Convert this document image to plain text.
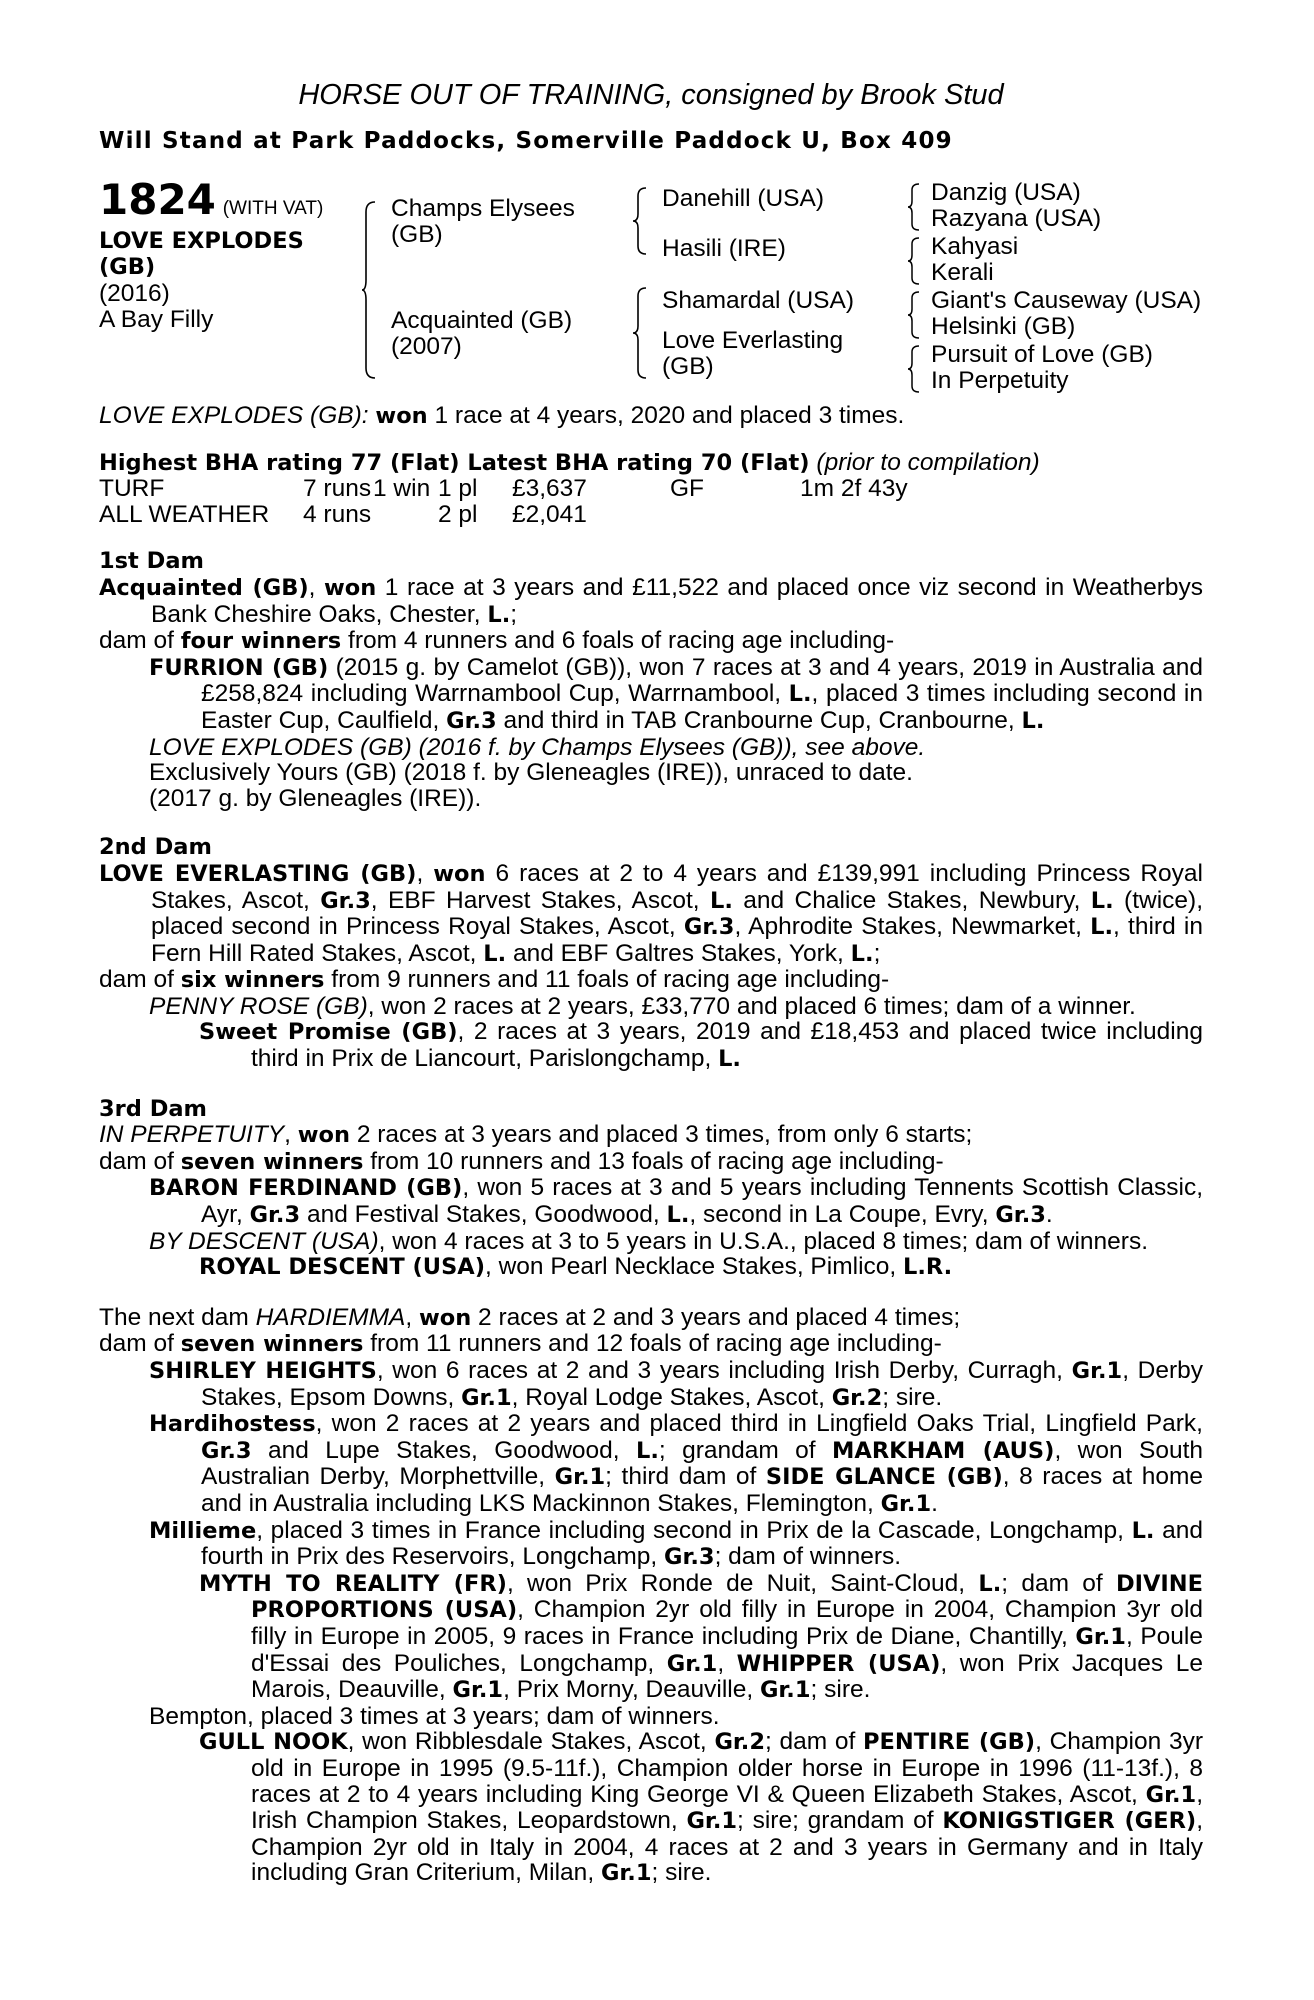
HORSE OUT OF TRAINING, consigned by Brook Stud
Will Stand at Park Paddocks, Somerville Paddock U, Box 409
1824 (WITH VAT)
LOVE EXPLODES
(GB)
(2016)
A Bay Filly
Champs Elysees
(GB)
Acquainted (GB)
(2007)
Danehill (USA)
Hasili (IRE)
Shamardal (USA)
Love Everlasting
(GB)
Danzig (USA)
Razyana (USA)
Kahyasi
Kerali
Giant's Causeway (USA)
Helsinki (GB)
Pursuit of Love (GB)
In Perpetuity

LOVE EXPLODES (GB): won 1 race at 4 years, 2020 and placed 3 times.

Highest BHA rating 77 (Flat) Latest BHA rating 70 (Flat) (prior to compilation)

TURF	7 runs	1 win	1 pl	£3,637	GF	1m 2f 43y
ALL WEATHER	4 runs		2 pl	£2,041		

1st Dam

Acquainted (GB), won 1 race at 3 years and £11,522 and placed once viz second in Weatherbys Bank Cheshire Oaks, Chester, L.;

dam of four winners from 4 runners and 6 foals of racing age including-

FURRION (GB) (2015 g. by Camelot (GB)), won 7 races at 3 and 4 years, 2019 in Australia and £258,824 including Warrnambool Cup, Warrnambool, L., placed 3 times including second in Easter Cup, Caulfield, Gr.3 and third in TAB Cranbourne Cup, Cranbourne, L.

LOVE EXPLODES (GB) (2016 f. by Champs Elysees (GB)), see above.

Exclusively Yours (GB) (2018 f. by Gleneagles (IRE)), unraced to date.

(2017 g. by Gleneagles (IRE)).

2nd Dam

LOVE EVERLASTING (GB), won 6 races at 2 to 4 years and £139,991 including Princess Royal Stakes, Ascot, Gr.3, EBF Harvest Stakes, Ascot, L. and Chalice Stakes, Newbury, L. (twice), placed second in Princess Royal Stakes, Ascot, Gr.3, Aphrodite Stakes, Newmarket, L., third in Fern Hill Rated Stakes, Ascot, L. and EBF Galtres Stakes, York, L.;

dam of six winners from 9 runners and 11 foals of racing age including-

PENNY ROSE (GB), won 2 races at 2 years, £33,770 and placed 6 times; dam of a winner.

Sweet Promise (GB), 2 races at 3 years, 2019 and £18,453 and placed twice including third in Prix de Liancourt, Parislongchamp, L.

3rd Dam

IN PERPETUITY, won 2 races at 3 years and placed 3 times, from only 6 starts;

dam of seven winners from 10 runners and 13 foals of racing age including-

BARON FERDINAND (GB), won 5 races at 3 and 5 years including Tennents Scottish Classic, Ayr, Gr.3 and Festival Stakes, Goodwood, L., second in La Coupe, Evry, Gr.3.

BY DESCENT (USA), won 4 races at 3 to 5 years in U.S.A., placed 8 times; dam of winners.

ROYAL DESCENT (USA), won Pearl Necklace Stakes, Pimlico, L.R.

The next dam HARDIEMMA, won 2 races at 2 and 3 years and placed 4 times;

dam of seven winners from 11 runners and 12 foals of racing age including-

SHIRLEY HEIGHTS, won 6 races at 2 and 3 years including Irish Derby, Curragh, Gr.1, Derby Stakes, Epsom Downs, Gr.1, Royal Lodge Stakes, Ascot, Gr.2; sire.

Hardihostess, won 2 races at 2 years and placed third in Lingfield Oaks Trial, Lingfield Park, Gr.3 and Lupe Stakes, Goodwood, L.; grandam of MARKHAM (AUS), won South Australian Derby, Morphettville, Gr.1; third dam of SIDE GLANCE (GB), 8 races at home and in Australia including LKS Mackinnon Stakes, Flemington, Gr.1.

Millieme, placed 3 times in France including second in Prix de la Cascade, Longchamp, L. and fourth in Prix des Reservoirs, Longchamp, Gr.3; dam of winners.

MYTH TO REALITY (FR), won Prix Ronde de Nuit, Saint-Cloud, L.; dam of DIVINE PROPORTIONS (USA), Champion 2yr old filly in Europe in 2004, Champion 3yr old filly in Europe in 2005, 9 races in France including Prix de Diane, Chantilly, Gr.1, Poule d'Essai des Pouliches, Longchamp, Gr.1, WHIPPER (USA), won Prix Jacques Le Marois, Deauville, Gr.1, Prix Morny, Deauville, Gr.1; sire.

Bempton, placed 3 times at 3 years; dam of winners.

GULL NOOK, won Ribblesdale Stakes, Ascot, Gr.2; dam of PENTIRE (GB), Champion 3yr old in Europe in 1995 (9.5-11f.), Champion older horse in Europe in 1996 (11-13f.), 8 races at 2 to 4 years including King George VI & Queen Elizabeth Stakes, Ascot, Gr.1, Irish Champion Stakes, Leopardstown, Gr.1; sire; grandam of KONIGSTIGER (GER), Champion 2yr old in Italy in 2004, 4 races at 2 and 3 years in Germany and in Italy including Gran Criterium, Milan, Gr.1; sire.
